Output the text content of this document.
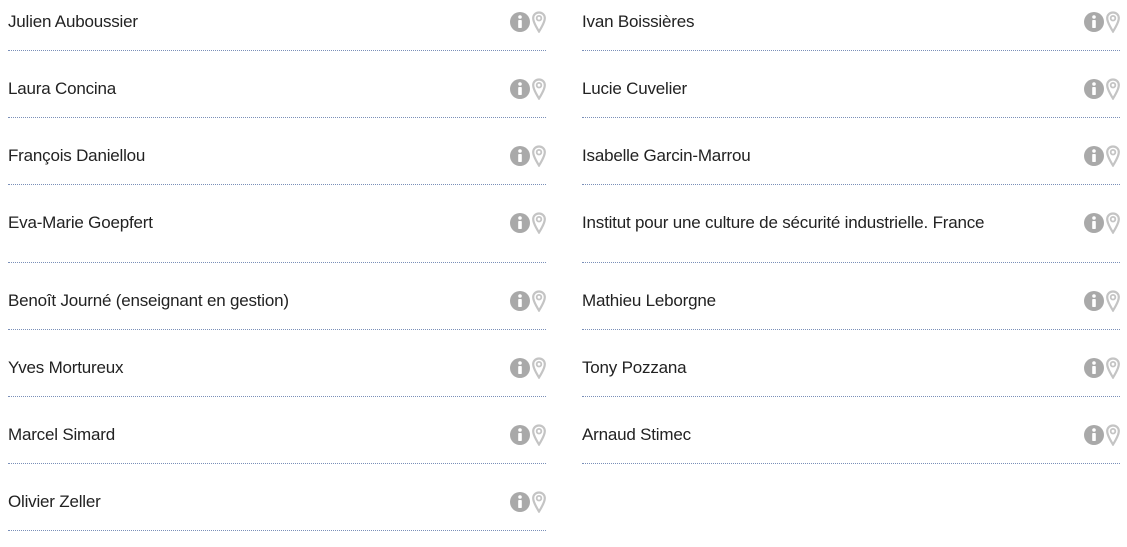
Julien Auboussier
Laura Concina
François Daniellou
Eva-Marie Goepfert
Benoît Journé (enseignant en gestion)
Yves Mortureux
Marcel Simard
Olivier Zeller
Ivan Boissières
Lucie Cuvelier
Isabelle Garcin-Marrou
Institut pour une culture de sécurité industrielle. France
Mathieu Leborgne
Tony Pozzana
Arnaud Stimec
